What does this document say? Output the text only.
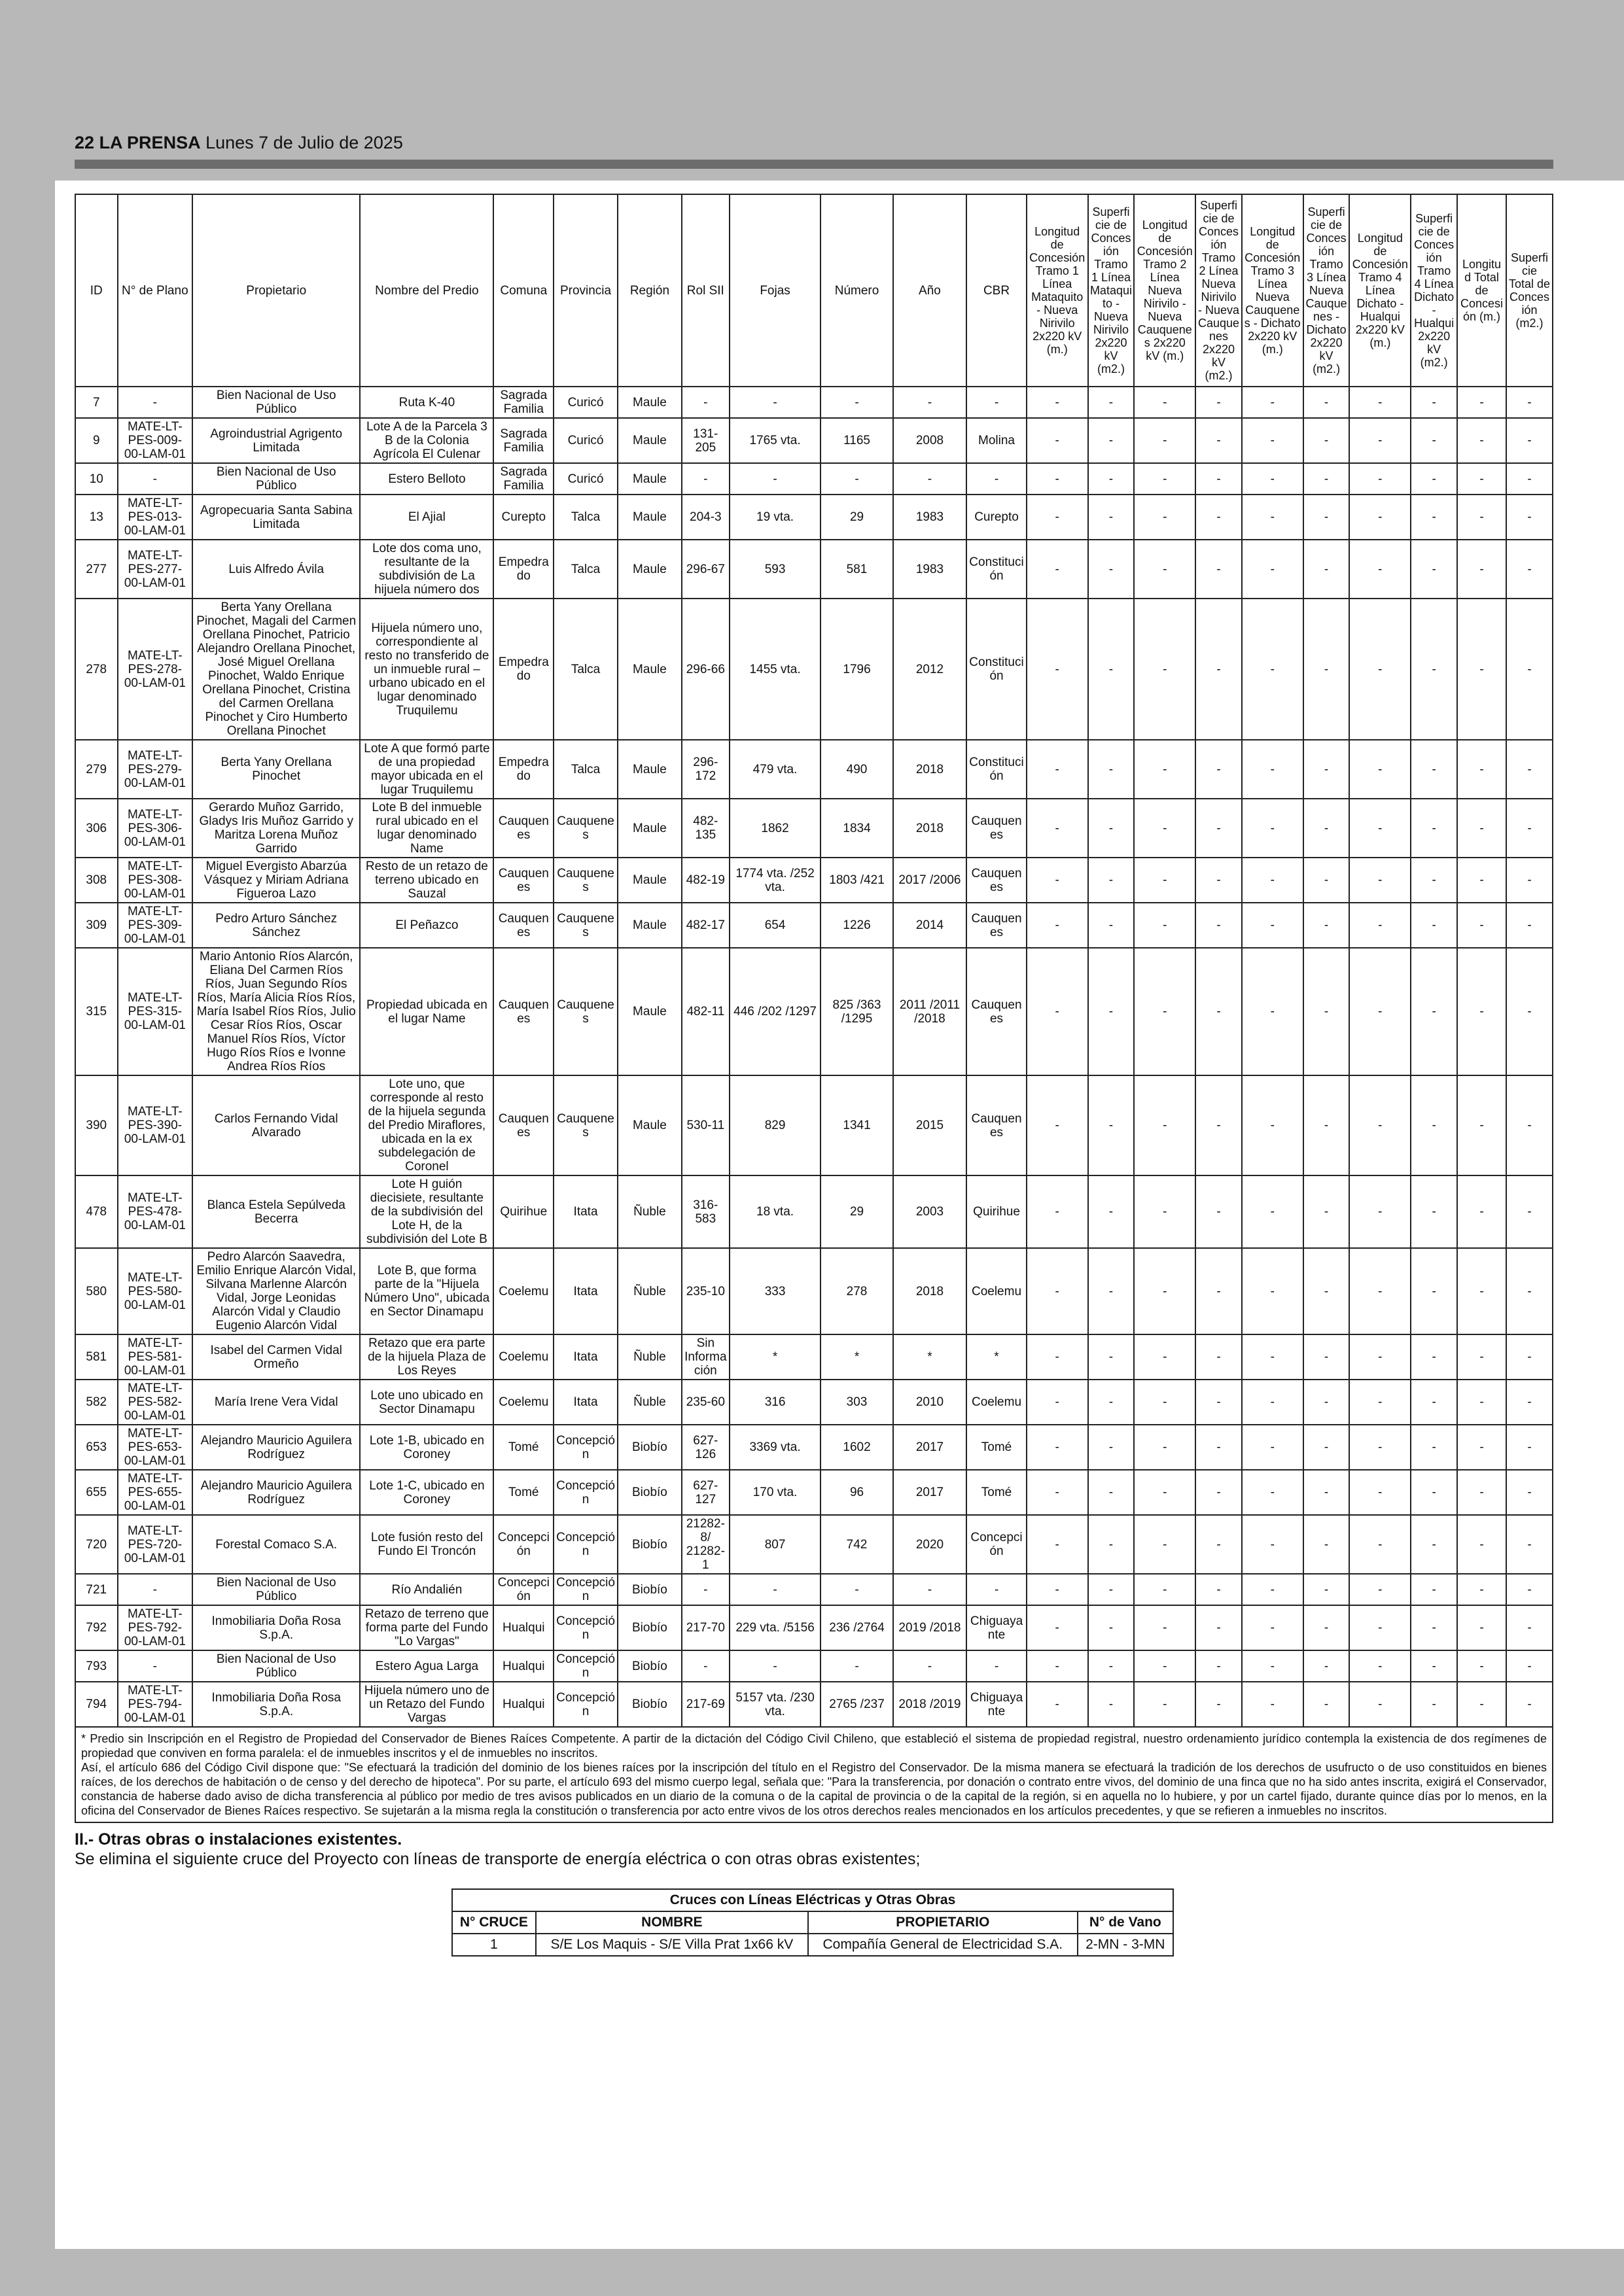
22 LA PRENSA Lunes 7 de Julio de 2025
ID	N° de Plano	Propietario	Nombre del Predio	Comuna	Provincia	Región	Rol SII	Fojas	Número	Año	CBR	Longitud de Concesión Tramo 1 Línea Mataquito - Nueva Nirivilo 2x220 kV (m.)	Superficie de Concesión Tramo 1 Línea Mataquito - Nueva Nirivilo 2x220 kV (m2.)	Longitud de Concesión Tramo 2 Línea Nueva Nirivilo - Nueva Cauquenes 2x220 kV (m.)	Superficie de Concesión Tramo 2 Línea Nueva Nirivilo - Nueva Cauquenes 2x220 kV (m2.)	Longitud de Concesión Tramo 3 Línea Nueva Cauquenes - Dichato 2x220 kV (m.)	Superficie de Concesión Tramo 3 Línea Nueva Cauquenes - Dichato 2x220 kV (m2.)	Longitud de Concesión Tramo 4 Línea Dichato - Hualqui 2x220 kV (m.)	Superficie de Concesión Tramo 4 Línea Dichato - Hualqui 2x220 kV (m2.)	Longitud Total de Concesión (m.)	Superficie Total de Concesión (m2.)
7	-	Bien Nacional de Uso Público	Ruta K-40	Sagrada Familia	Curicó	Maule	-	-	-	-	-	-	-	-	-	-	-	-	-	-	-
9	MATE-LT-PES-009-00-LAM-01	Agroindustrial Agrigento Limitada	Lote A de la Parcela 3 B de la Colonia Agrícola El Culenar	Sagrada Familia	Curicó	Maule	131-205	1765 vta.	1165	2008	Molina	-	-	-	-	-	-	-	-	-	-
10	-	Bien Nacional de Uso Público	Estero Belloto	Sagrada Familia	Curicó	Maule	-	-	-	-	-	-	-	-	-	-	-	-	-	-	-
13	MATE-LT-PES-013-00-LAM-01	Agropecuaria Santa Sabina Limitada	El Ajial	Curepto	Talca	Maule	204-3	19 vta.	29	1983	Curepto	-	-	-	-	-	-	-	-	-	-
277	MATE-LT-PES-277-00-LAM-01	Luis Alfredo Ávila	Lote dos coma uno, resultante de la subdivisión de La hijuela número dos	Empedrado	Talca	Maule	296-67	593	581	1983	Constitución	-	-	-	-	-	-	-	-	-	-
278	MATE-LT-PES-278-00-LAM-01	Berta Yany Orellana Pinochet, Magali del Carmen Orellana Pinochet, Patricio Alejandro Orellana Pinochet, José Miguel Orellana Pinochet, Waldo Enrique Orellana Pinochet, Cristina del Carmen Orellana Pinochet y Ciro Humberto Orellana Pinochet	Hijuela número uno, correspondiente al resto no transferido de un inmueble rural – urbano ubicado en el lugar denominado Truquilemu	Empedrado	Talca	Maule	296-66	1455 vta.	1796	2012	Constitución	-	-	-	-	-	-	-	-	-	-
279	MATE-LT-PES-279-00-LAM-01	Berta Yany Orellana Pinochet	Lote A que formó parte de una propiedad mayor ubicada en el lugar Truquilemu	Empedrado	Talca	Maule	296-172	479 vta.	490	2018	Constitución	-	-	-	-	-	-	-	-	-	-
306	MATE-LT-PES-306-00-LAM-01	Gerardo Muñoz Garrido, Gladys Iris Muñoz Garrido y Maritza Lorena Muñoz Garrido	Lote B del inmueble rural ubicado en el lugar denominado Name	Cauquenes	Cauquenes	Maule	482-135	1862	1834	2018	Cauquenes	-	-	-	-	-	-	-	-	-	-
308	MATE-LT-PES-308-00-LAM-01	Miguel Evergisto Abarzúa Vásquez y Miriam Adriana Figueroa Lazo	Resto de un retazo de terreno ubicado en Sauzal	Cauquenes	Cauquenes	Maule	482-19	1774 vta. /252 vta.	1803 /421	2017 /2006	Cauquenes	-	-	-	-	-	-	-	-	-	-
309	MATE-LT-PES-309-00-LAM-01	Pedro Arturo Sánchez Sánchez	El Peñazco	Cauquenes	Cauquenes	Maule	482-17	654	1226	2014	Cauquenes	-	-	-	-	-	-	-	-	-	-
315	MATE-LT-PES-315-00-LAM-01	Mario Antonio Ríos Alarcón, Eliana Del Carmen Ríos Ríos, Juan Segundo Ríos Ríos, María Alicia Ríos Ríos, María Isabel Ríos Ríos, Julio Cesar Ríos Ríos, Oscar Manuel Ríos Ríos, Víctor Hugo Ríos Ríos e Ivonne Andrea Ríos Ríos	Propiedad ubicada en el lugar Name	Cauquenes	Cauquenes	Maule	482-11	446 /202 /1297	825 /363 /1295	2011 /2011 /2018	Cauquenes	-	-	-	-	-	-	-	-	-	-
390	MATE-LT-PES-390-00-LAM-01	Carlos Fernando Vidal Alvarado	Lote uno, que corresponde al resto de la hijuela segunda del Predio Miraflores, ubicada en la ex subdelegación de Coronel	Cauquenes	Cauquenes	Maule	530-11	829	1341	2015	Cauquenes	-	-	-	-	-	-	-	-	-	-
478	MATE-LT-PES-478-00-LAM-01	Blanca Estela Sepúlveda Becerra	Lote H guión diecisiete, resultante de la subdivisión del Lote H, de la subdivisión del Lote B	Quirihue	Itata	Ñuble	316-583	18 vta.	29	2003	Quirihue	-	-	-	-	-	-	-	-	-	-
580	MATE-LT-PES-580-00-LAM-01	Pedro Alarcón Saavedra, Emilio Enrique Alarcón Vidal, Silvana Marlenne Alarcón Vidal, Jorge Leonidas Alarcón Vidal y Claudio Eugenio Alarcón Vidal	Lote B, que forma parte de la "Hijuela Número Uno", ubicada en Sector Dinamapu	Coelemu	Itata	Ñuble	235-10	333	278	2018	Coelemu	-	-	-	-	-	-	-	-	-	-
581	MATE-LT-PES-581-00-LAM-01	Isabel del Carmen Vidal Ormeño	Retazo que era parte de la hijuela Plaza de Los Reyes	Coelemu	Itata	Ñuble	Sin Información	*	*	*	*	-	-	-	-	-	-	-	-	-	-
582	MATE-LT-PES-582-00-LAM-01	María Irene Vera Vidal	Lote uno ubicado en Sector Dinamapu	Coelemu	Itata	Ñuble	235-60	316	303	2010	Coelemu	-	-	-	-	-	-	-	-	-	-
653	MATE-LT-PES-653-00-LAM-01	Alejandro Mauricio Aguilera Rodríguez	Lote 1-B, ubicado en Coroney	Tomé	Concepción	Biobío	627-126	3369 vta.	1602	2017	Tomé	-	-	-	-	-	-	-	-	-	-
655	MATE-LT-PES-655-00-LAM-01	Alejandro Mauricio Aguilera Rodríguez	Lote 1-C, ubicado en Coroney	Tomé	Concepción	Biobío	627-127	170 vta.	96	2017	Tomé	-	-	-	-	-	-	-	-	-	-
720	MATE-LT-PES-720-00-LAM-01	Forestal Comaco S.A.	Lote fusión resto del Fundo El Troncón	Concepción	Concepción	Biobío	21282-8/ 21282-1	807	742	2020	Concepción	-	-	-	-	-	-	-	-	-	-
721	-	Bien Nacional de Uso Público	Río Andalién	Concepción	Concepción	Biobío	-	-	-	-	-	-	-	-	-	-	-	-	-	-	-
792	MATE-LT-PES-792-00-LAM-01	Inmobiliaria Doña Rosa S.p.A.	Retazo de terreno que forma parte del Fundo "Lo Vargas"	Hualqui	Concepción	Biobío	217-70	229 vta. /5156	236 /2764	2019 /2018	Chiguayante	-	-	-	-	-	-	-	-	-	-
793	-	Bien Nacional de Uso Público	Estero Agua Larga	Hualqui	Concepción	Biobío	-	-	-	-	-	-	-	-	-	-	-	-	-	-	-
794	MATE-LT-PES-794-00-LAM-01	Inmobiliaria Doña Rosa S.p.A.	Hijuela número uno de un Retazo del Fundo Vargas	Hualqui	Concepción	Biobío	217-69	5157 vta. /230 vta.	2765 /237	2018 /2019	Chiguayante	-	-	-	-	-	-	-	-	-	-

* Predio sin Inscripción en el Registro de Propiedad del Conservador de Bienes Raíces Competente. A partir de la dictación del Código Civil Chileno, que estableció el sistema de propiedad registral, nuestro ordenamiento jurídico contempla la existencia de dos regímenes de propiedad que conviven en forma paralela: el de inmuebles inscritos y el de inmuebles no inscritos.

Así, el artículo 686 del Código Civil dispone que: "Se efectuará la tradición del dominio de los bienes raíces por la inscripción del título en el Registro del Conservador. De la misma manera se efectuará la tradición de los derechos de usufructo o de uso constituidos en bienes raíces, de los derechos de habitación o de censo y del derecho de hipoteca". Por su parte, el artículo 693 del mismo cuerpo legal, señala que: "Para la transferencia, por donación o contrato entre vivos, del dominio de una finca que no ha sido antes inscrita, exigirá el Conservador, constancia de haberse dado aviso de dicha transferencia al público por medio de tres avisos publicados en un diario de la comuna o de la capital de provincia o de la capital de la región, si en aquella no lo hubiere, y por un cartel fijado, durante quince días por lo menos, en la oficina del Conservador de Bienes Raíces respectivo. Se sujetarán a la misma regla la constitución o transferencia por acto entre vivos de los otros derechos reales mencionados en los artículos precedentes, y que se refieren a inmuebles no inscritos.

II.- Otras obras o instalaciones existentes.
Se elimina el siguiente cruce del Proyecto con líneas de transporte de energía eléctrica o con otras obras existentes;
Cruces con Líneas Eléctricas y Otras Obras			
N° CRUCE	NOMBRE	PROPIETARIO	N° de Vano
1	S/E Los Maquis - S/E Villa Prat 1x66 kV	Compañía General de Electricidad S.A.	2-MN - 3-MN
